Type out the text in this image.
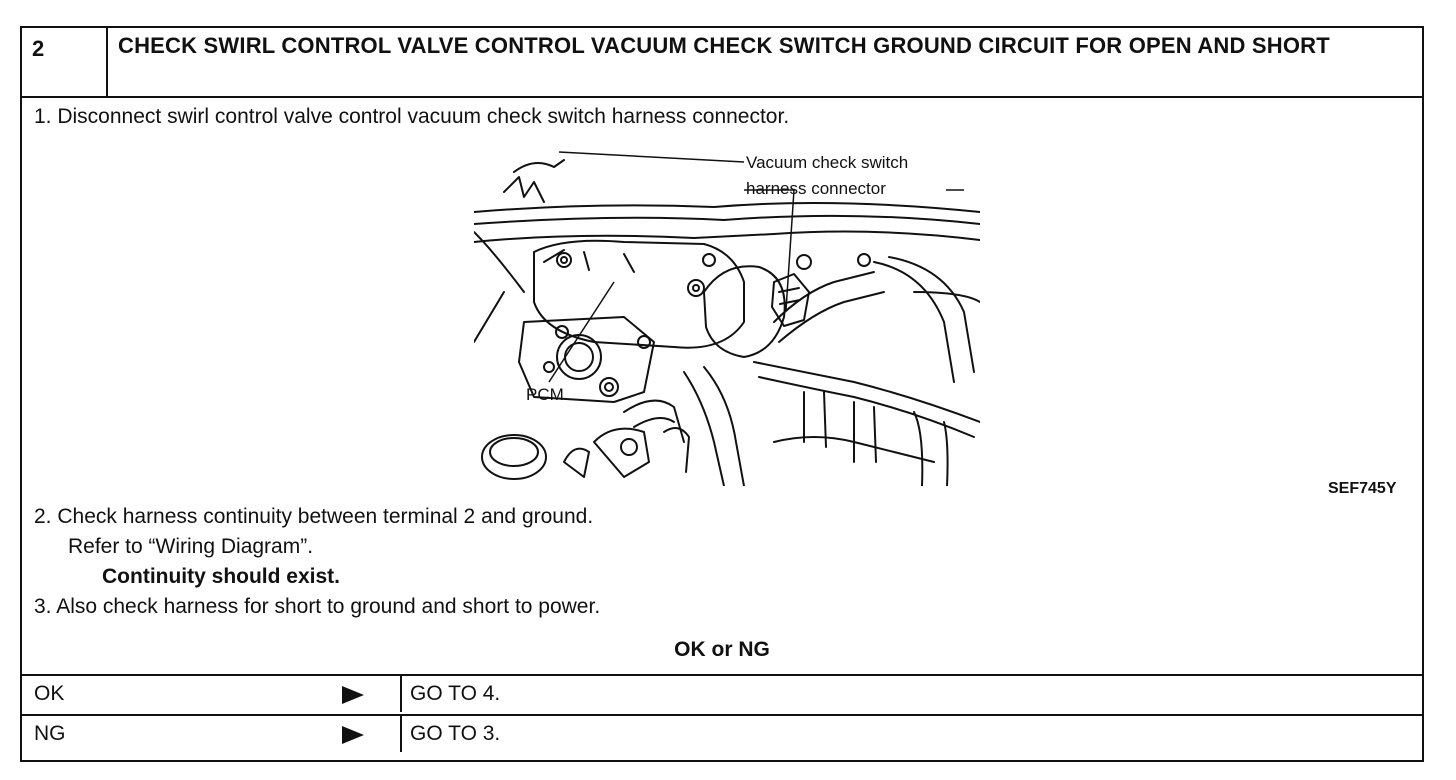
2	CHECK SWIRL CONTROL VALVE CONTROL VACUUM CHECK SWITCH GROUND CIRCUIT FOR OPEN AND SHORT
1. Disconnect swirl control valve control vacuum check switch harness connector.
Vacuum check switch
harness connector
PCM
SEF745Y
2. Check harness continuity between terminal 2 and ground.
Refer to “Wiring Diagram”.
Continuity should exist.
3. Also check harness for short to ground and short to power.
OK or NG
OK	GO TO 4.
NG	GO TO 3.
